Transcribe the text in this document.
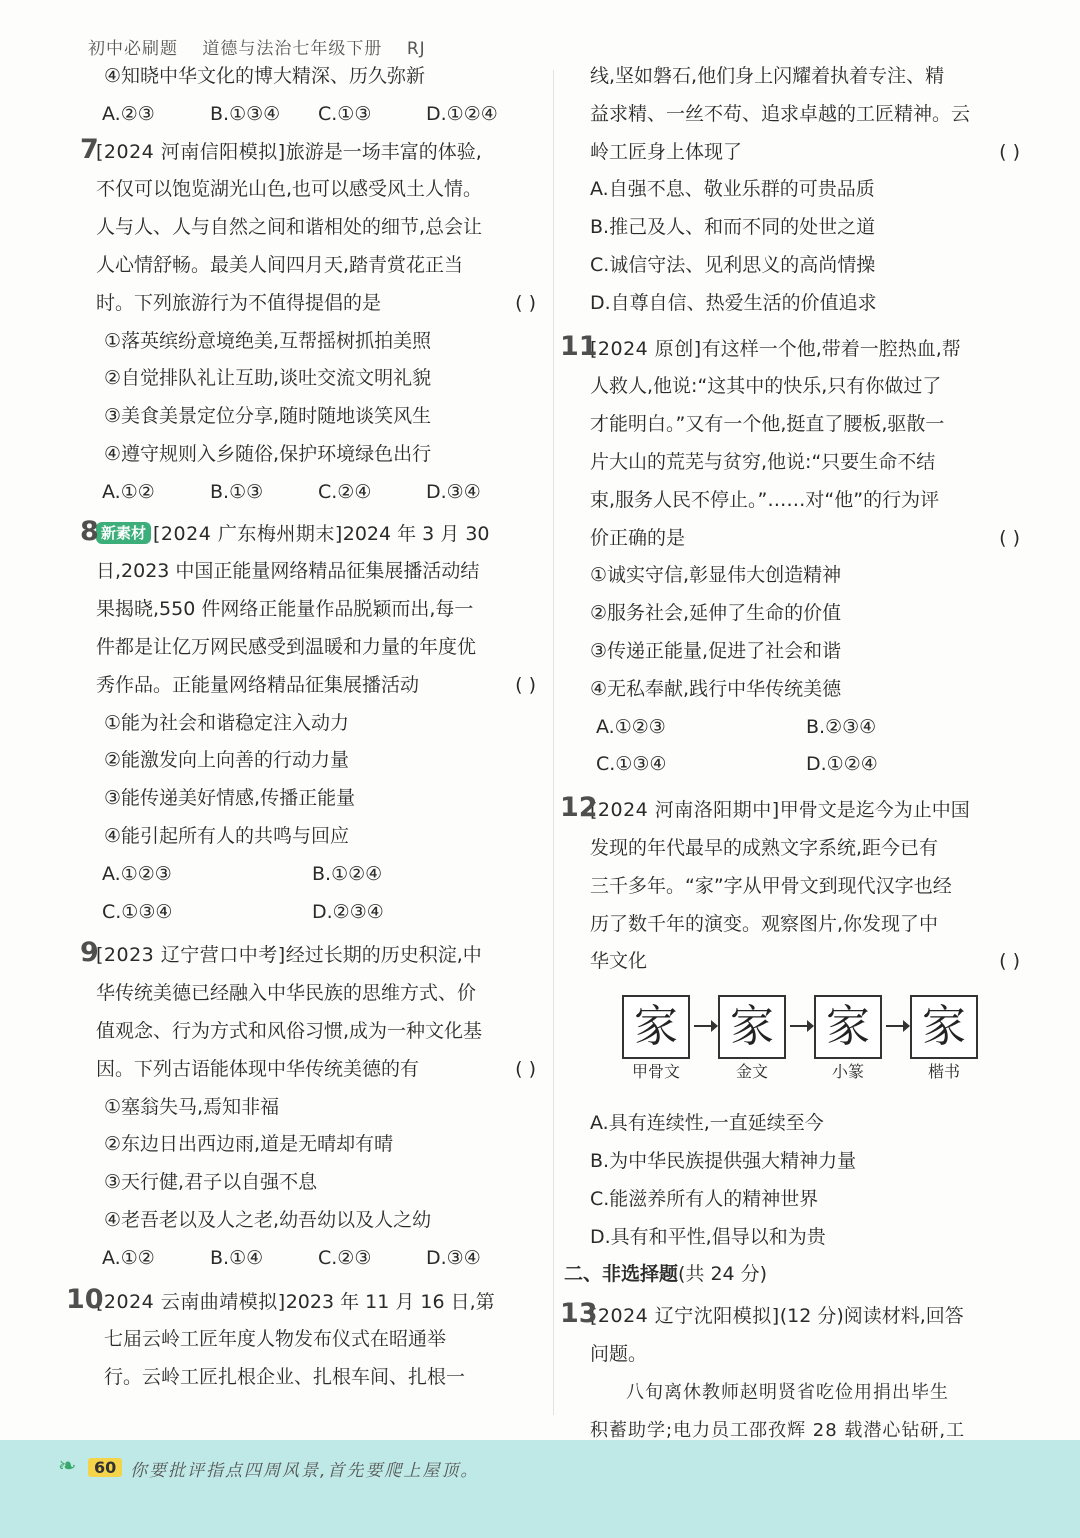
初中必刷题 道德与法治七年级下册 RJ
④知晓中华文化的博大精深、历久弥新
A.②③	B.①③④	C.①③	D.①②④
7
[2024 河南信阳模拟]旅游是一场丰富的体验,
不仅可以饱览湖光山色,也可以感受风土人情。
人与人、人与自然之间和谐相处的细节,总会让
人心情舒畅。最美人间四月天,踏青赏花正当
时。下列旅游行为不值得提倡的是	( )
①落英缤纷意境绝美,互帮摇树抓拍美照
②自觉排队礼让互助,谈吐交流文明礼貌
③美食美景定位分享,随时随地谈笑风生
④遵守规则入乡随俗,保护环境绿色出行
A.①②	B.①③	C.②④	D.③④
8 新素材 [2024 广东梅州期末]2024 年 3 月 30
日,2023 中国正能量网络精品征集展播活动结
果揭晓,550 件网络正能量作品脱颖而出,每一
件都是让亿万网民感受到温暖和力量的年度优
秀作品。正能量网络精品征集展播活动	( )
①能为社会和谐稳定注入动力
②能激发向上向善的行动力量
③能传递美好情感,传播正能量
④能引起所有人的共鸣与回应
A.①②③	B.①②④
C.①③④	D.②③④
9
[2023 辽宁营口中考]经过长期的历史积淀,中
华传统美德已经融入中华民族的思维方式、价
值观念、行为方式和风俗习惯,成为一种文化基
因。下列古语能体现中华传统美德的有	( )
①塞翁失马,焉知非福
②东边日出西边雨,道是无晴却有晴
③天行健,君子以自强不息
④老吾老以及人之老,幼吾幼以及人之幼
A.①②	B.①④	C.②③	D.③④
10
[2024 云南曲靖模拟]2023 年 11 月 16 日,第
七届云岭工匠年度人物发布仪式在昭通举
行。云岭工匠扎根企业、扎根车间、扎根一
线,坚如磐石,他们身上闪耀着执着专注、精
益求精、一丝不苟、追求卓越的工匠精神。云
岭工匠身上体现了	( )
A.自强不息、敬业乐群的可贵品质
B.推己及人、和而不同的处世之道
C.诚信守法、见利思义的高尚情操
D.自尊自信、热爱生活的价值追求
11
[2024 原创]有这样一个他,带着一腔热血,帮
人救人,他说:“这其中的快乐,只有你做过了
才能明白。”又有一个他,挺直了腰板,驱散一
片大山的荒芜与贫穷,他说:“只要生命不结
束,服务人民不停止。”……对“他”的行为评
价正确的是	( )
①诚实守信,彰显伟大创造精神
②服务社会,延伸了生命的价值
③传递正能量,促进了社会和谐
④无私奉献,践行中华传统美德
A.①②③	B.②③④
C.①③④	D.①②④
12
[2024 河南洛阳期中]甲骨文是迄今为止中国
发现的年代最早的成熟文字系统,距今已有
三千多年。“家”字从甲骨文到现代汉字也经
历了数千年的演变。观察图片,你发现了中
华文化	( )
家
甲骨文
家
金文
家
小篆
家
楷书
A.具有连续性,一直延续至今
B.为中华民族提供强大精神力量
C.能滋养所有人的精神世界
D.具有和平性,倡导以和为贵
二、非选择题(共 24 分)
13
[2024 辽宁沈阳模拟](12 分)阅读材料,回答
问题。
八旬离休教师赵明贤省吃俭用捐出毕生
积蓄助学;电力员工邵孜辉 28 载潜心钻研,工
❧	60 你要批评指点四周风景,首先要爬上屋顶。
